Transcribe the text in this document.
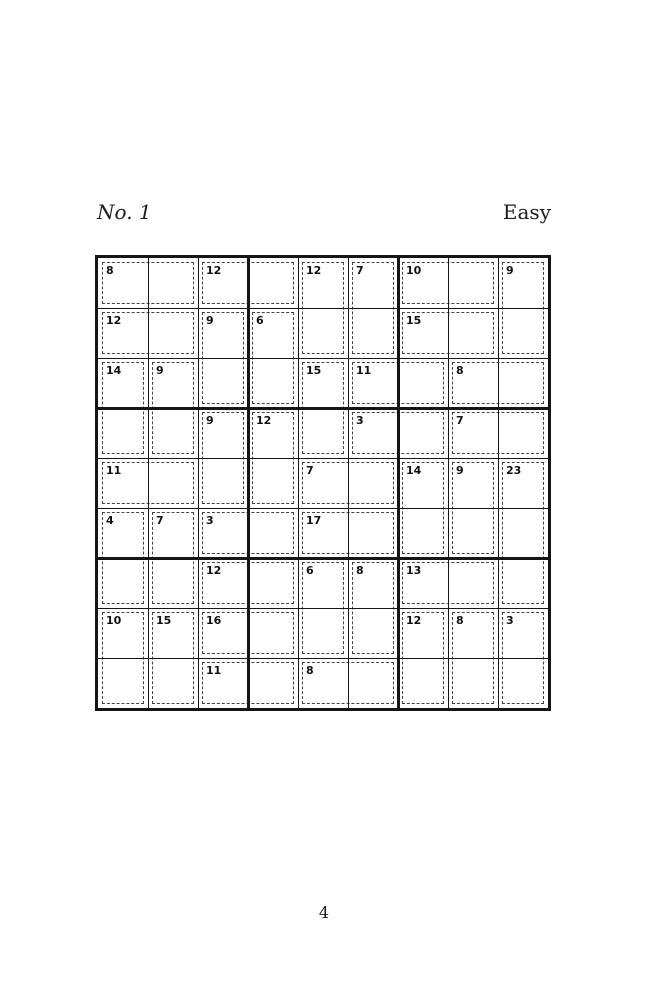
No. 1	Easy
8	12	12	7	10	9
12	9	6	15
14	9	15	11	8
9	12	3	7
11	7	14	9	23
4	7	3	17
12	6	8	13
10	15	16	12	8	3
11	8
4
